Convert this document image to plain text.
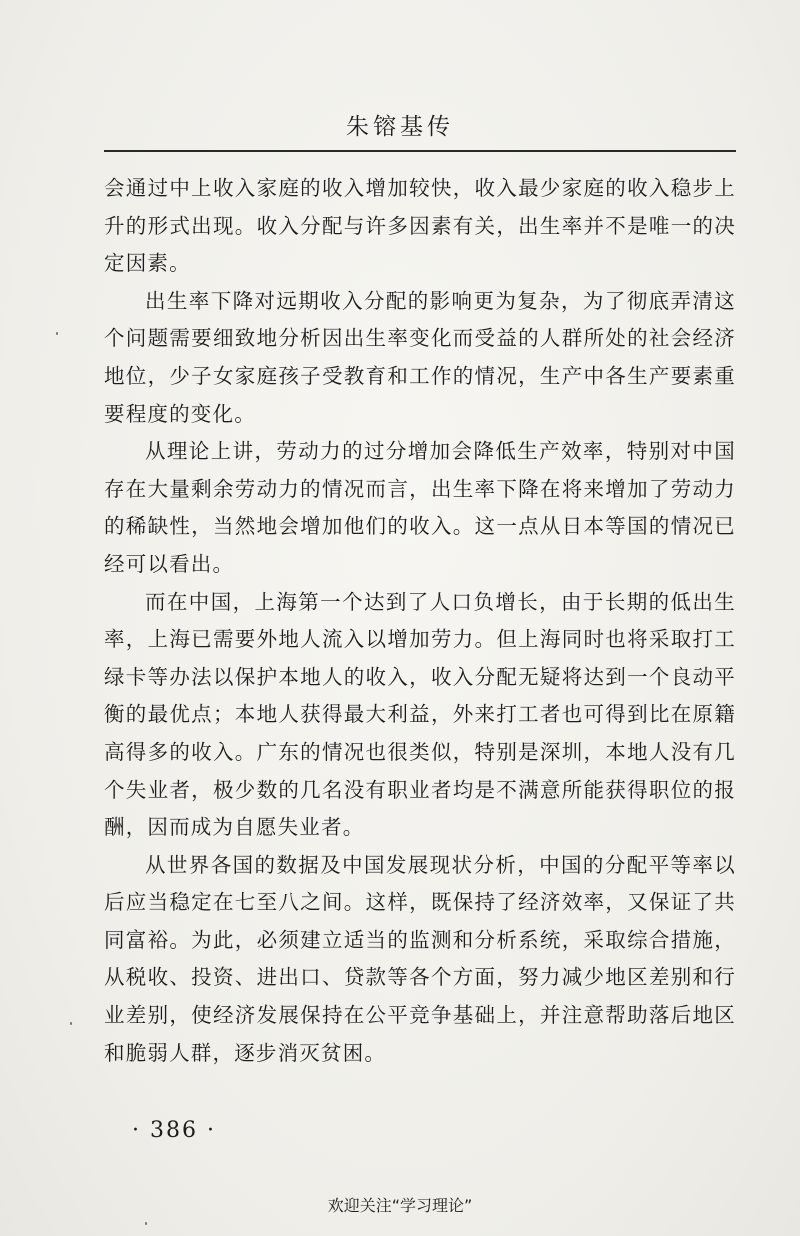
朱镕基传

会通过中上收入家庭的收入增加较快，收入最少家庭的收入稳步上升的形式出现。收入分配与许多因素有关，出生率并不是唯一的决定因素。

出生率下降对远期收入分配的影响更为复杂，为了彻底弄清这个问题需要细致地分析因出生率变化而受益的人群所处的社会经济地位，少子女家庭孩子受教育和工作的情况，生产中各生产要素重要程度的变化。

从理论上讲，劳动力的过分增加会降低生产效率，特别对中国存在大量剩余劳动力的情况而言，出生率下降在将来增加了劳动力的稀缺性，当然地会增加他们的收入。这一点从日本等国的情况已经可以看出。

而在中国，上海第一个达到了人口负增长，由于长期的低出生率，上海已需要外地人流入以增加劳力。但上海同时也将采取打工绿卡等办法以保护本地人的收入，收入分配无疑将达到一个良动平衡的最优点；本地人获得最大利益，外来打工者也可得到比在原籍高得多的收入。广东的情况也很类似，特别是深圳，本地人没有几个失业者，极少数的几名没有职业者均是不满意所能获得职位的报酬，因而成为自愿失业者。

从世界各国的数据及中国发展现状分析，中国的分配平等率以后应当稳定在七至八之间。这样，既保持了经济效率，又保证了共同富裕。为此，必须建立适当的监测和分析系统，采取综合措施，从税收、投资、进出口、贷款等各个方面，努力减少地区差别和行业差别，使经济发展保持在公平竞争基础上，并注意帮助落后地区和脆弱人群，逐步消灭贫困。

· 386 ·
欢迎关注“学习理论”
